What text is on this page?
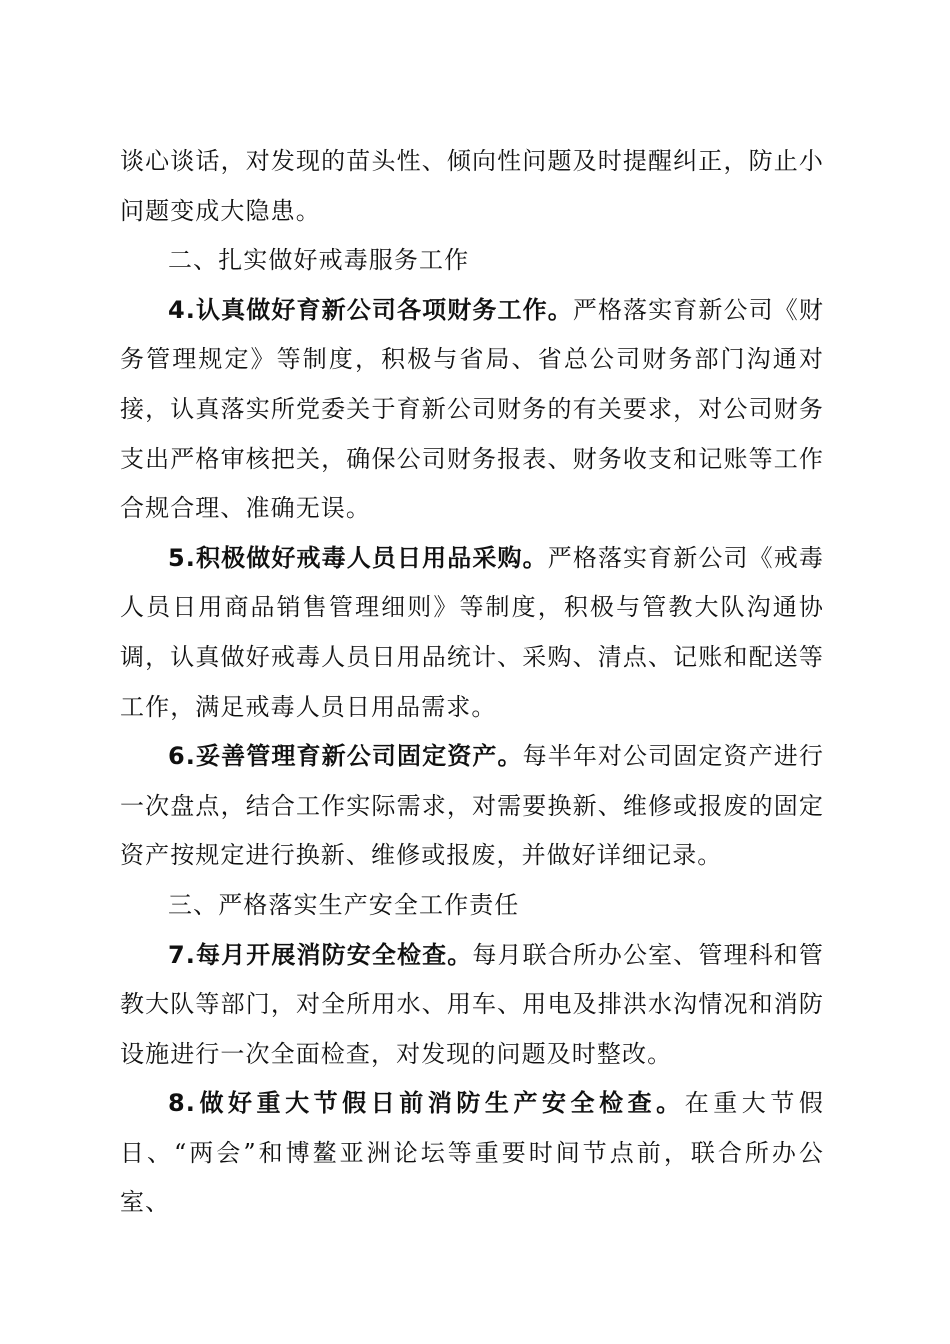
谈心谈话，对发现的苗头性、倾向性问题及时提醒纠正，防止小问题变成大隐患。

二、扎实做好戒毒服务工作

4.认真做好育新公司各项财务工作。严格落实育新公司《财务管理规定》等制度，积极与省局、省总公司财务部门沟通对接，认真落实所党委关于育新公司财务的有关要求，对公司财务支出严格审核把关，确保公司财务报表、财务收支和记账等工作合规合理、准确无误。

5.积极做好戒毒人员日用品采购。严格落实育新公司《戒毒人员日用商品销售管理细则》等制度，积极与管教大队沟通协调，认真做好戒毒人员日用品统计、采购、清点、记账和配送等工作，满足戒毒人员日用品需求。

6.妥善管理育新公司固定资产。每半年对公司固定资产进行一次盘点，结合工作实际需求，对需要换新、维修或报废的固定资产按规定进行换新、维修或报废，并做好详细记录。

三、严格落实生产安全工作责任

7.每月开展消防安全检查。每月联合所办公室、管理科和管教大队等部门，对全所用水、用车、用电及排洪水沟情况和消防设施进行一次全面检查，对发现的问题及时整改。

8.做好重大节假日前消防生产安全检查。在重大节假日、“两会”和博鳌亚洲论坛等重要时间节点前，联合所办公室、
